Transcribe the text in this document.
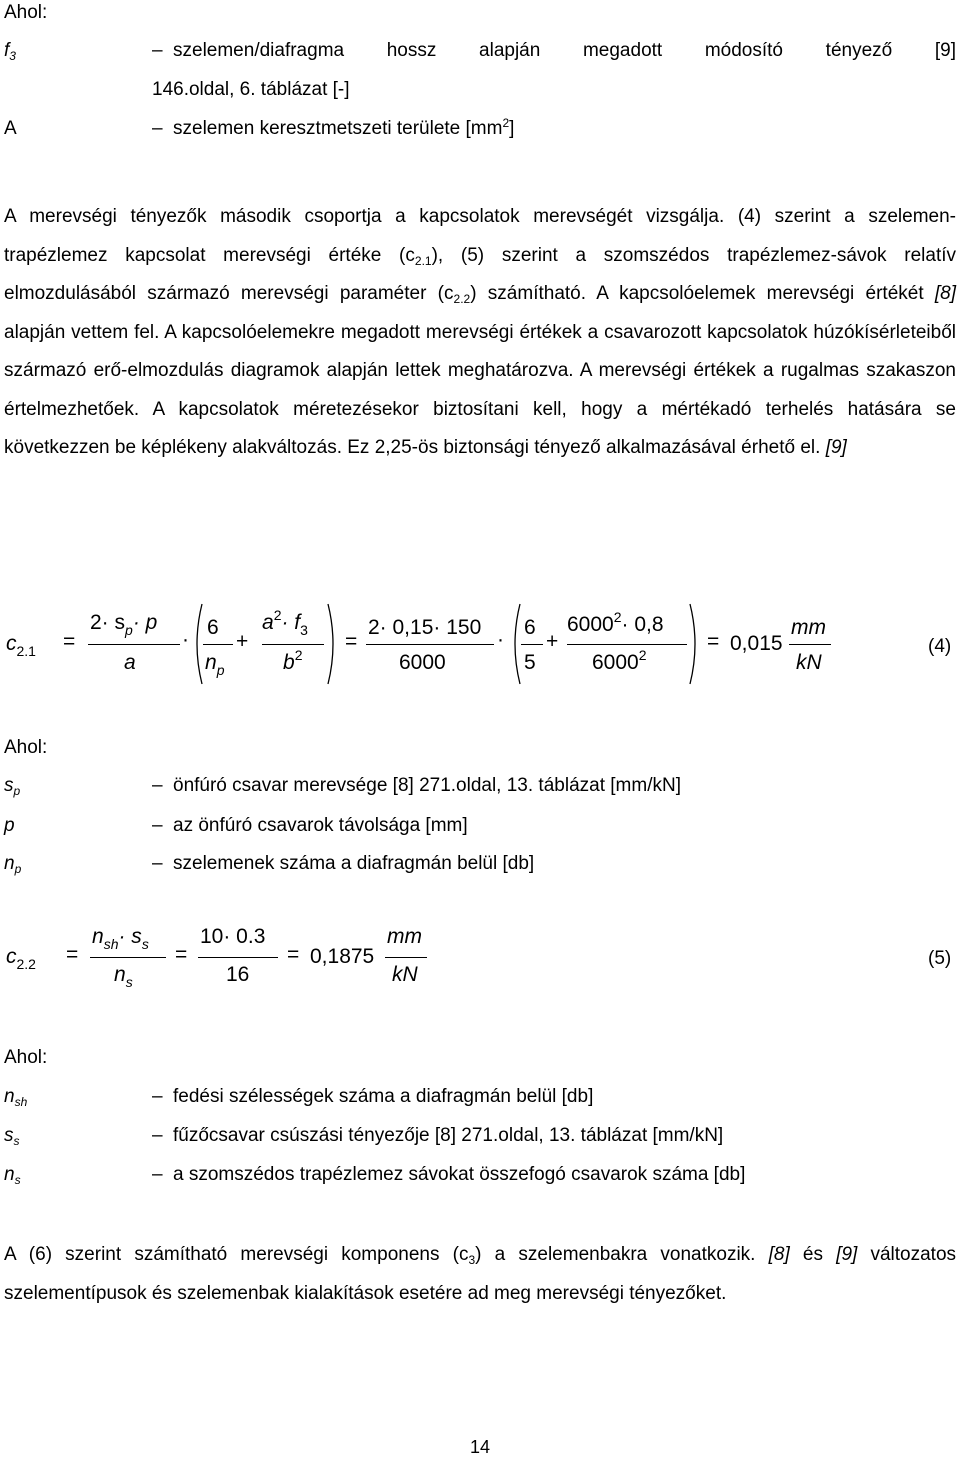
Ahol:
$f_3$	– szelemen/diafragma hossz alapján megadott módosító tényező [9]
146.oldal, 6. táblázat [-]
A	– szelemen keresztmetszeti területe $[mm^2]$

A merevségi tényezők második csoportja a kapcsolatok merevségét vizsgálja. (4) szerint a szelemen-trapézlemez kapcsolat merevségi értéke $(c_{2.1})$, (5) szerint a szomszédos trapézlemez-sávok relatív elmozdulásából származó merevségi paraméter $(c_{2.2})$ számítható. A kapcsolóelemek merevségi értékét [8] alapján vettem fel. A kapcsolóelemekre megadott merevségi értékek a csavarozott kapcsolatok húzókísérleteiből származó erő-elmozdulás diagramok alapján lettek meghatározva. A merevségi értékek a rugalmas szakaszon értelmezhetőek. A kapcsolatok méretezésekor biztosítani kell, hogy a mértékadó terhelés hatására se következzen be képlékeny alakváltozás. Ez 2,25-ös biztonsági tényező alkalmazásával érhető el. [9]

$c_{2.1}$ =
$2\cdot s_p\cdot p$
a
·
6
$n_p$
+
$a^2\cdot f_3$
$b^2$
=
2· 0,15· 150
6000
·
6
5
+
$6000^2\cdot 0,8$
$6000^2$
= 0,015
mm
kN
(4)
Ahol:
$s_p$	– önfúró csavar merevsége [8] 271.oldal, 13. táblázat [mm/kN]
p	– az önfúró csavarok távolsága [mm]
$n_p$	– szelemenek száma a diafragmán belül [db]
$c_{2.2}$ =
$n_{sh}\cdot s_s$
$n_s$
=
10· 0.3
16
= 0,1875
mm
kN
(5)
Ahol:
$n_{sh}$	– fedési szélességek száma a diafragmán belül [db]
$s_s$	– fűzőcsavar csúszási tényezője [8] 271.oldal, 13. táblázat [mm/kN]
$n_s$	– a szomszédos trapézlemez sávokat összefogó csavarok száma [db]

A (6) szerint számítható merevségi komponens $(c_3)$ a szelemenbakra vonatkozik. [8] és [9] változatos szelementípusok és szelemenbak kialakítások esetére ad meg merevségi tényezőket.

14
